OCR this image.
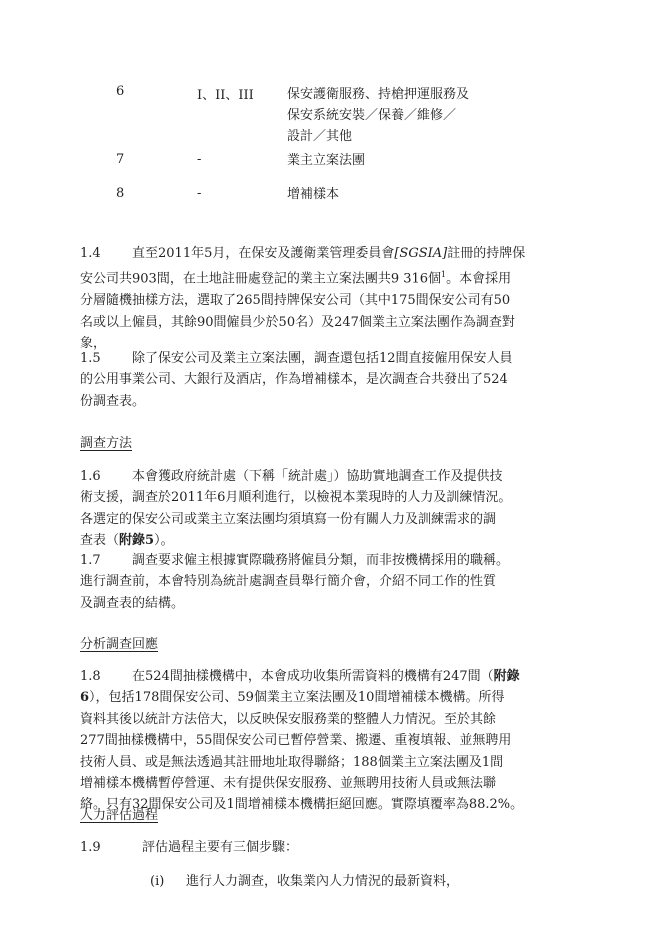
6	I、II、III	保安護衛服務、持槍押運服務及
保安系統安裝／保養／維修／
設計／其他
7	-	業主立案法團
8	-	增補樣本
1.4 直至2011年5月，在保安及護衛業管理委員會[SGSIA]註冊的持牌保
安公司共903間，在土地註冊處登記的業主立案法團共9 316個$^1$。本會採用
分層隨機抽樣方法，選取了265間持牌保安公司（其中175間保安公司有50
名或以上僱員，其餘90間僱員少於50名）及247個業主立案法團作為調查對
象，
1.5 除了保安公司及業主立案法團，調查還包括12間直接僱用保安人員
的公用事業公司、大銀行及酒店，作為增補樣本，是次調查合共發出了524
份調查表。
調查方法
1.6 本會獲政府統計處（下稱「統計處」）協助實地調查工作及提供技
術支援，調查於2011年6月順利進行，以檢視本業現時的人力及訓練情況。
各選定的保安公司或業主立案法團均須填寫一份有關人力及訓練需求的調
查表（附錄5）。
1.7 調查要求僱主根據實際職務將僱員分類，而非按機構採用的職稱。
進行調查前，本會特別為統計處調查員舉行簡介會，介紹不同工作的性質
及調查表的結構。
分析調查回應
1.8 在524間抽樣機構中，本會成功收集所需資料的機構有247間（附錄
6），包括178間保安公司、59個業主立案法團及10間增補樣本機構。所得
資料其後以統計方法倍大，以反映保安服務業的整體人力情況。至於其餘
277間抽樣機構中，55間保安公司已暫停營業、搬遷、重複填報、並無聘用
技術人員、或是無法透過其註冊地址取得聯絡；188個業主立案法團及1間
增補樣本機構暫停營運、未有提供保安服務、並無聘用技術人員或無法聯
絡。只有32間保安公司及1間增補樣本機構拒絕回應。實際填覆率為88.2%。
人力評估過程
1.9	評估過程主要有三個步驟：
(i) 進行人力調查，收集業內人力情況的最新資料，
